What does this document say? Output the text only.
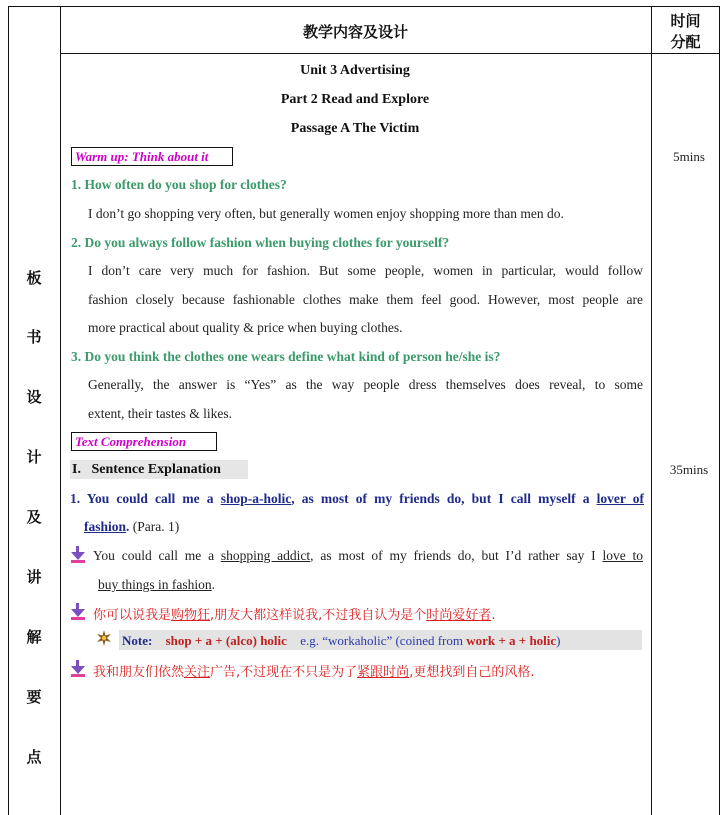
教学内容及设计
时间
分配
板
书
设
计
及
讲
解
要
点
5mins
35mins
Unit 3 Advertising
Part 2 Read and Explore
Passage A The Victim
Warm up: Think about it
1. How often do you shop for clothes?
I don’t go shopping very often, but generally women enjoy shopping more than men do.
2. Do you always follow fashion when buying clothes for yourself?
I don’t care very much for fashion. But some people, women in particular, would follow
fashion closely because fashionable clothes make them feel good. However, most people are
more practical about quality & price when buying clothes.
3. Do you think the clothes one wears define what kind of person he/she is?
Generally, the answer is “Yes” as the way people dress themselves does reveal, to some
extent, their tastes & likes.
Text Comprehension
I.   Sentence Explanation
1. You could call me a shop-a-holic, as most of my friends do, but I call myself a lover of
fashion. (Para. 1)
You could call me a shopping addict, as most of my friends do, but I’d rather say I love to
buy things in fashion.
你可以说我是购物狂,朋友大都这样说我,不过我自认为是个时尚爱好者.
Note: shop + a + (alco) holic e.g. “workaholic” (coined from work + a + holic)
我和朋友们依然关注广告,不过现在不只是为了紧跟时尚,更想找到自己的风格.
